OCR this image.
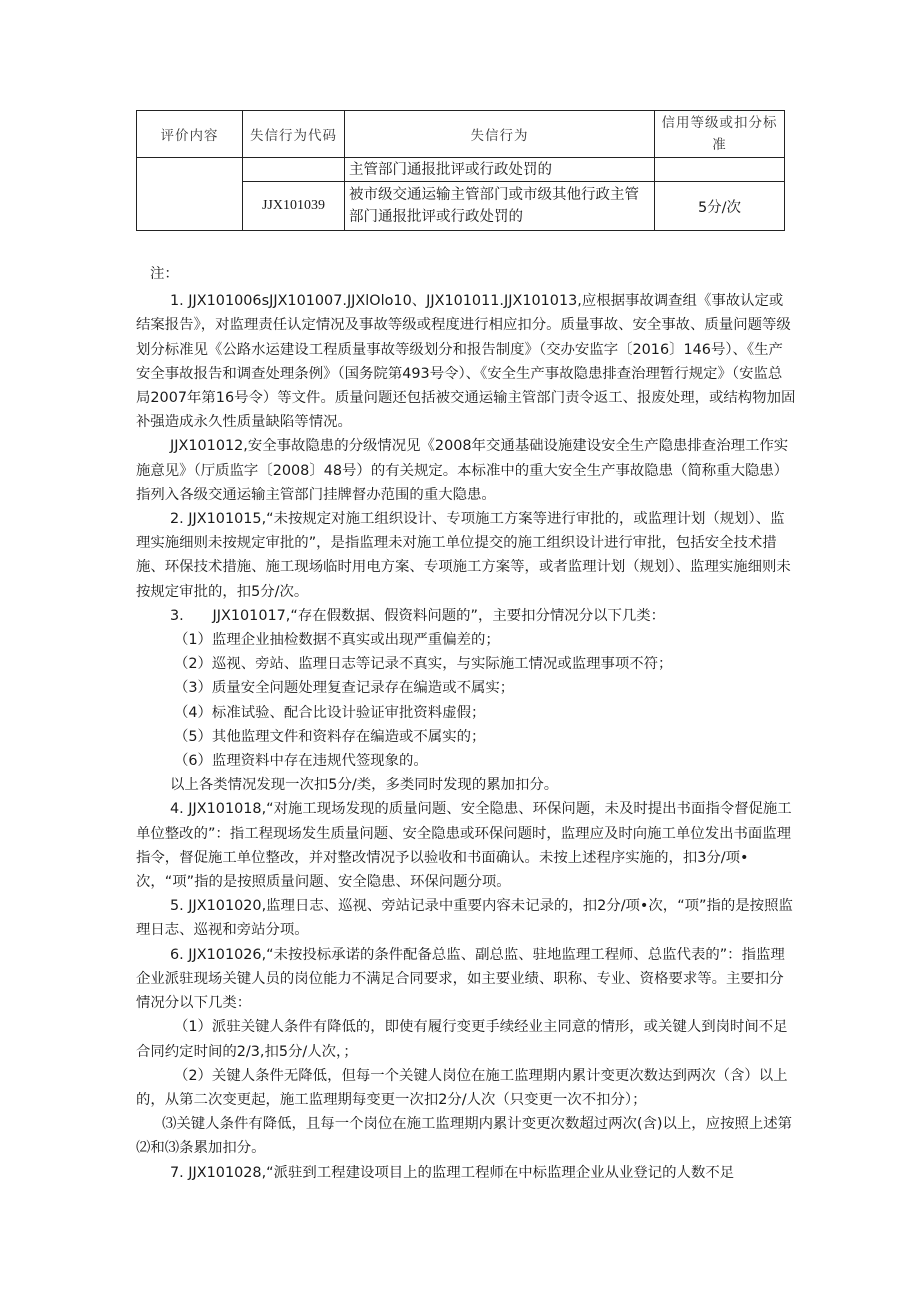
评价内容	失信行为代码	失信行为	信用等级或扣分标准
		主管部门通报批评或行政处罚的	
	JJX101039	被市级交通运输主管部门或市级其他行政主管部门通报批评或行政处罚的	5分/次

注：

1. JJX101006sJJX101007.JJXlOlo10、JJX101011.JJX101013,应根据事故调查组《事故认定或结案报告》，对监理责任认定情况及事故等级或程度进行相应扣分。质量事故、安全事故、质量问题等级划分标准见《公路水运建设工程质量事故等级划分和报告制度》（交办安监字〔2016〕146号）、《生产安全事故报告和调查处理条例》（国务院第493号令）、《安全生产事故隐患排查治理暂行规定》（安监总局2007年第16号令）等文件。质量问题还包括被交通运输主管部门责令返工、报废处理，或结构物加固补强造成永久性质量缺陷等情况。

JJX101012,安全事故隐患的分级情况见《2008年交通基础设施建设安全生产隐患排查治理工作实施意见》（厅质监字〔2008〕48号）的有关规定。本标准中的重大安全生产事故隐患（简称重大隐患）指列入各级交通运输主管部门挂牌督办范围的重大隐患。

2. JJX101015,“未按规定对施工组织设计、专项施工方案等进行审批的，或监理计划（规划）、监理实施细则未按规定审批的”，是指监理未对施工单位提交的施工组织设计进行审批，包括安全技术措施、环保技术措施、施工现场临时用电方案、专项施工方案等，或者监理计划（规划）、监理实施细则未按规定审批的，扣5分/次。

3.　　JJX101017,“存在假数据、假资料问题的”，主要扣分情况分以下几类：

（1）监理企业抽检数据不真实或出现严重偏差的；

（2）巡视、旁站、监理日志等记录不真实，与实际施工情况或监理事项不符；

（3）质量安全问题处理复查记录存在编造或不属实；

（4）标准试验、配合比设计验证审批资料虚假；

（5）其他监理文件和资料存在编造或不属实的；

（6）监理资料中存在违规代签现象的。

以上各类情况发现一次扣5分/类，多类同时发现的累加扣分。

4. JJX101018,“对施工现场发现的质量问题、安全隐患、环保问题，未及时提出书面指令督促施工单位整改的”：指工程现场发生质量问题、安全隐患或环保问题时，监理应及时向施工单位发出书面监理指令，督促施工单位整改，并对整改情况予以验收和书面确认。未按上述程序实施的，扣3分/项•次，“项”指的是按照质量问题、安全隐患、环保问题分项。

5. JJX101020,监理日志、巡视、旁站记录中重要内容未记录的，扣2分/项•次，“项”指的是按照监理日志、巡视和旁站分项。

6. JJX101026,“未按投标承诺的条件配备总监、副总监、驻地监理工程师、总监代表的”：指监理企业派驻现场关键人员的岗位能力不满足合同要求，如主要业绩、职称、专业、资格要求等。主要扣分情况分以下几类：

（1）派驻关键人条件有降低的，即使有履行变更手续经业主同意的情形，或关键人到岗时间不足合同约定时间的2/3,扣5分/人次，；

（2）关键人条件无降低，但每一个关键人岗位在施工监理期内累计变更次数达到两次（含）以上的，从第二次变更起，施工监理期每变更一次扣2分/人次（只变更一次不扣分）；

⑶关键人条件有降低，且每一个岗位在施工监理期内累计变更次数超过两次(含)以上，应按照上述第⑵和⑶条累加扣分。

7. JJX101028,“派驻到工程建设项目上的监理工程师在中标监理企业从业登记的人数不足
